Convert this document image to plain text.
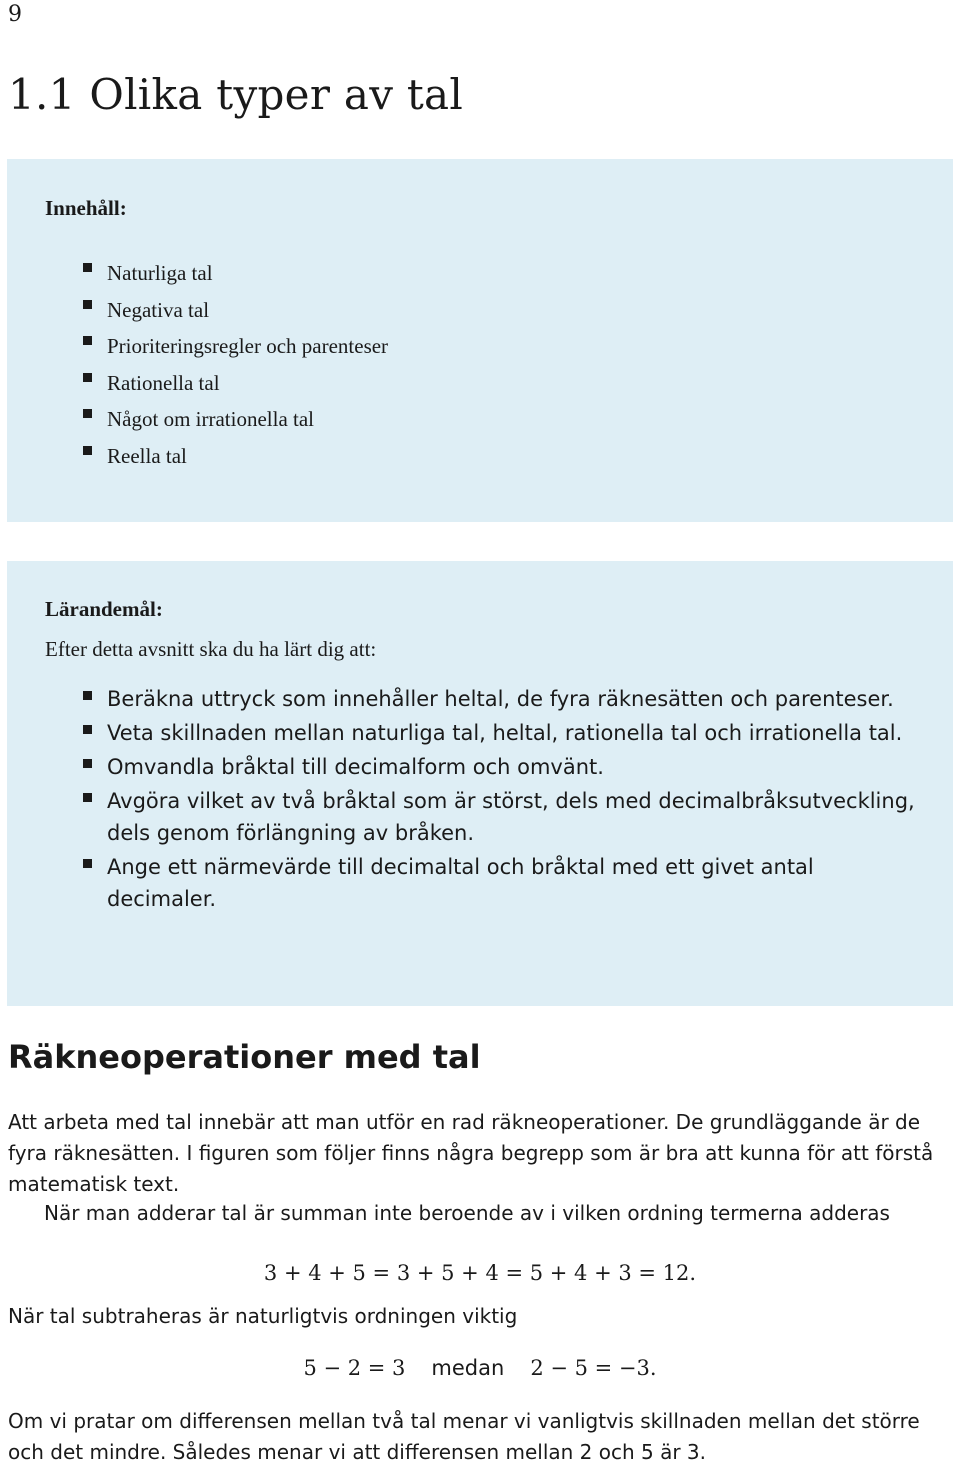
9
1.1 Olika typer av tal
Innehåll:
Naturliga tal
Negativa tal
Prioriteringsregler och parenteser
Rationella tal
Något om irrationella tal
Reella tal
Lärandemål:
Efter detta avsnitt ska du ha lärt dig att:
Beräkna uttryck som innehåller heltal, de fyra räknesätten och parenteser.
Veta skillnaden mellan naturliga tal, heltal, rationella tal och irrationella tal.
Omvandla bråktal till decimalform och omvänt.
Avgöra vilket av två bråktal som är störst, dels med decimalbråksutveckling, dels genom förlängning av bråken.
Ange ett närmevärde till decimaltal och bråktal med ett givet antal decimaler.
Räkneoperationer med tal

Att arbeta med tal innebär att man utför en rad räkneoperationer. De grundläggande är de fyra räknesätten. I figuren som följer finns några begrepp som är bra att kunna för att förstå matematisk text.

När man adderar tal är summan inte beroende av i vilken ordning termerna adderas

3 + 4 + 5 = 3 + 5 + 4 = 5 + 4 + 3 = 12.

När tal subtraheras är naturligtvis ordningen viktig

5 − 2 = 3 medan 2 − 5 = −3.

Om vi pratar om differensen mellan två tal menar vi vanligtvis skillnaden mellan det större och det mindre. Således menar vi att differensen mellan 2 och 5 är 3.
